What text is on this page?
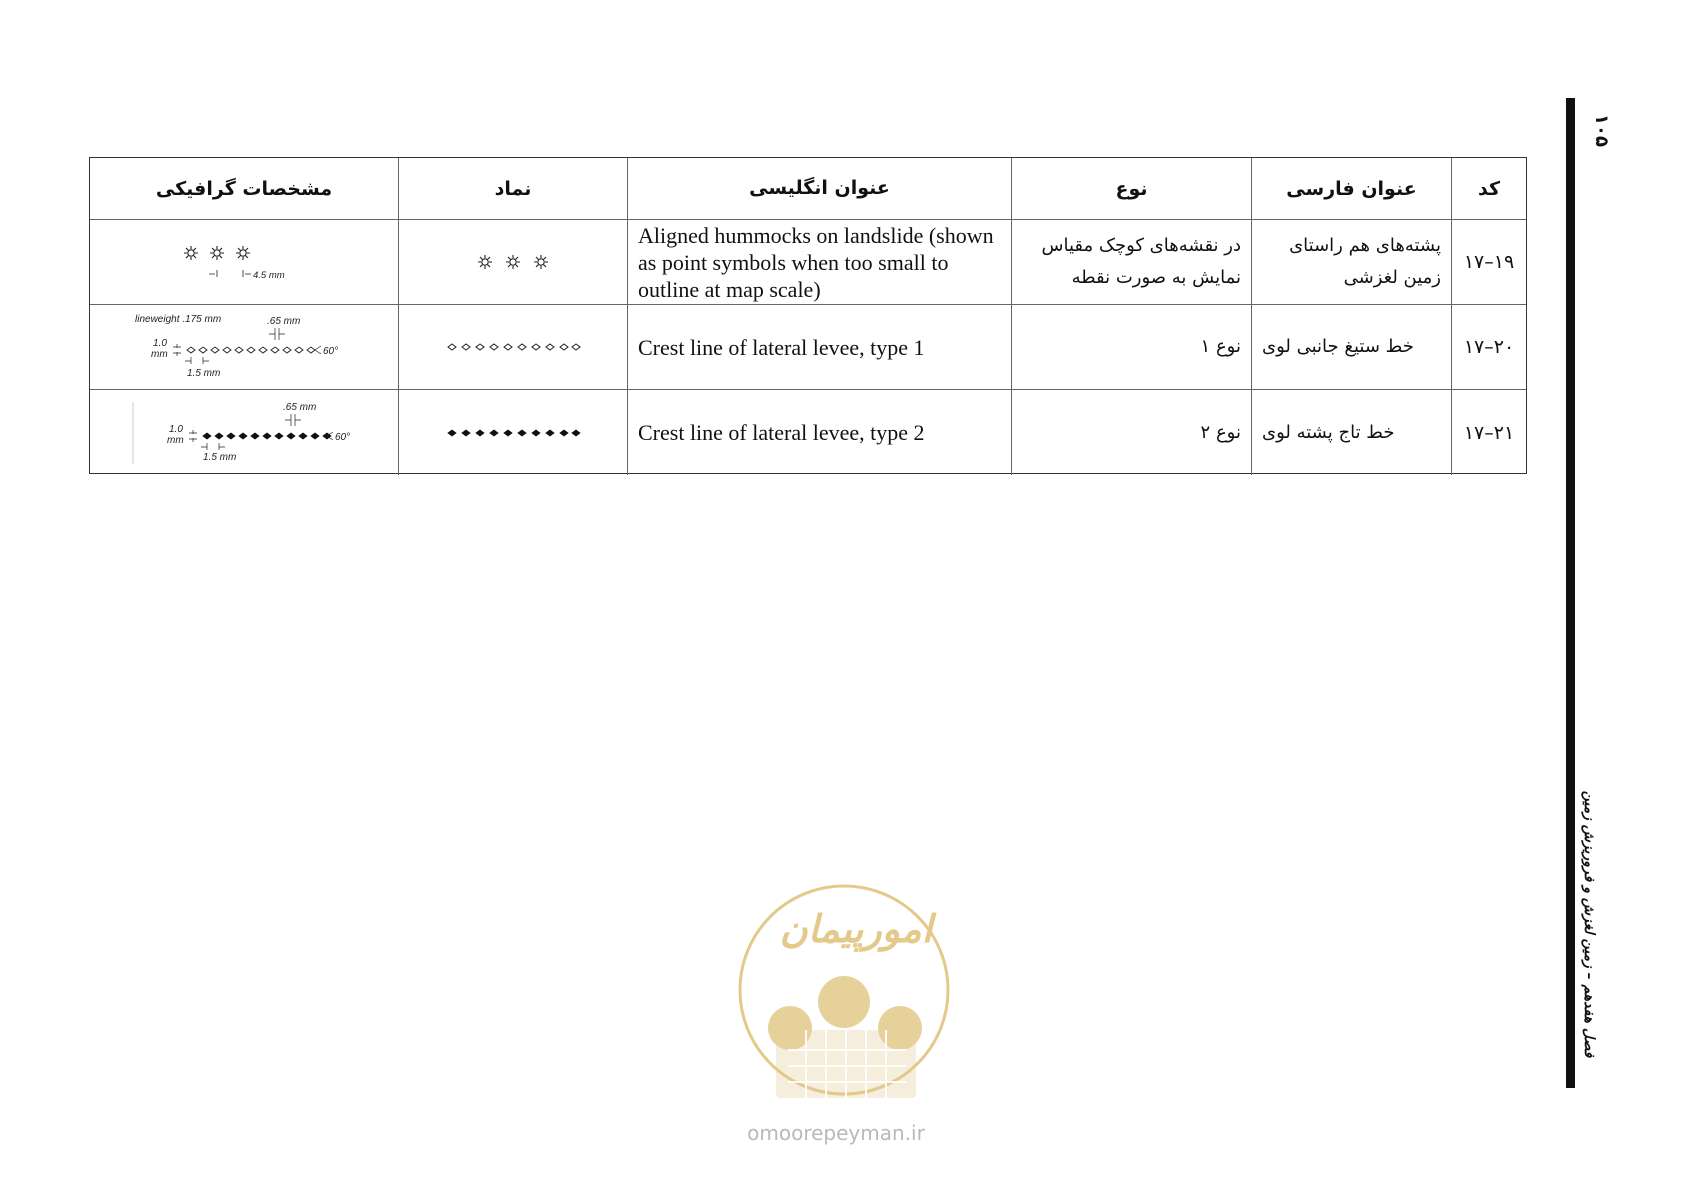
۱۰۵
فصل هفدهم – زمین لغزش و فروریزش زمین
کد
عنوان فارسی
نوع
عنوان انگلیسی
نماد
مشخصات گرافیکی
۱۷–۱۹
پشته‌های هم راستای زمین لغزشی
در نقشه‌های کوچک مقیاس نمایش به صورت نقطه
Aligned hummocks on landslide (shown as point symbols when too small to outline at map scale)
4.5 mm
۱۷–۲۰
خط ستیغ جانبی لوی
نوع ۱
Crest line of lateral levee, type 1
lineweight .175 mm	.65 mm
1.0
mm
1.5 mm
60°
۱۷–۲۱
خط تاج پشته لوی
نوع ۲
Crest line of lateral levee, type 2
.65 mm
1.0
mm
1.5 mm
60°
امورپیمان
omoorepeyman.ir
